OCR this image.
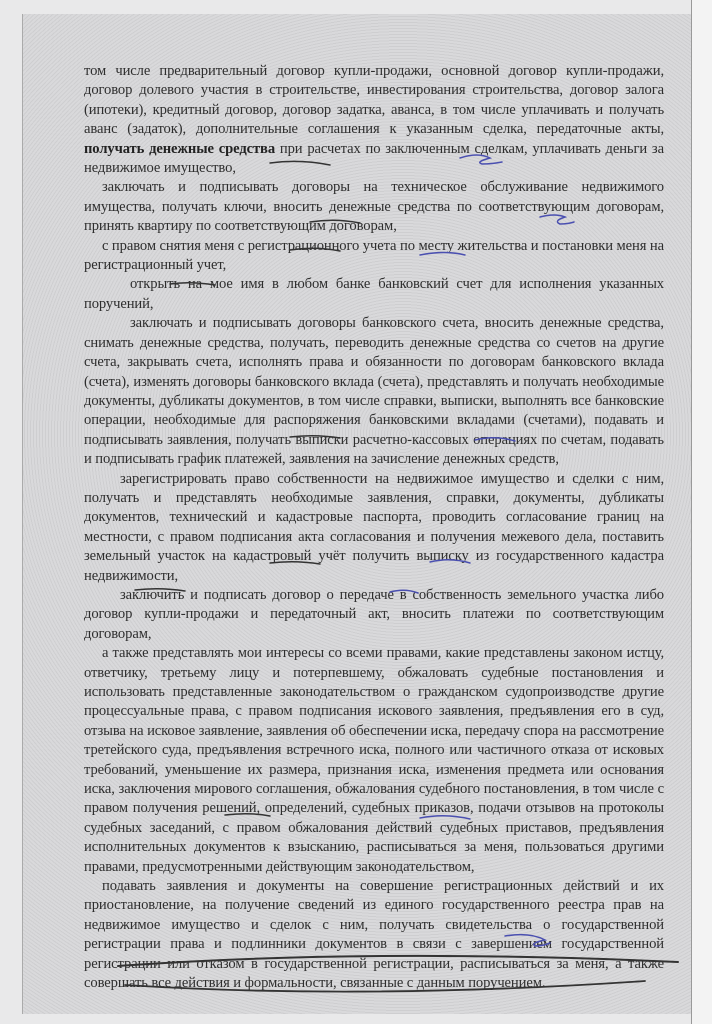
том числе предварительный договор купли-продажи, основной договор купли-продажи, договор долевого участия в строительстве, инвестирования строительства, договор залога (ипотеки), кредитный договор, договор задатка, аванса, в том числе уплачивать и получать аванс (задаток), дополнительные соглашения к указанным сделка, передаточные акты, получать денежные средства при расчетах по заключенным сделкам, уплачивать деньги за недвижимое имущество,

заключать и подписывать договоры на техническое обслуживание недвижимого имущества, получать ключи, вносить денежные средства по соответствующим договорам, принять квартиру по соответствующим договорам,

с правом снятия меня с регистрационного учета по месту жительства и постановки меня на регистрационный учет,

открыть на мое имя в любом банке банковский счет для исполнения указанных поручений,

заключать и подписывать договоры банковского счета, вносить денежные средства, снимать денежные средства, получать, переводить денежные средства со счетов на другие счета, закрывать счета, исполнять права и обязанности по договорам банковского вклада (счета), изменять договоры банковского вклада (счета), представлять и получать необходимые документы, дубликаты документов, в том числе справки, выписки, выполнять все банковские операции, необходимые для распоряжения банковскими вкладами (счетами), подавать и подписывать заявления, получать выписки расчетно-кассовых операциях по счетам, подавать и подписывать график платежей, заявления на зачисление денежных средств,

зарегистрировать право собственности на недвижимое имущество и сделки с ним, получать и представлять необходимые заявления, справки, документы, дубликаты документов, технический и кадастровые паспорта, проводить согласование границ на местности, с правом подписания акта согласования и получения межевого дела, поставить земельный участок на кадастровый учёт получить выписку из государственного кадастра недвижимости,

заключить и подписать договор о передаче в собственность земельного участка либо договор купли-продажи и передаточный акт, вносить платежи по соответствующим договорам,

а также представлять мои интересы со всеми правами, какие представлены законом истцу, ответчику, третьему лицу и потерпевшему, обжаловать судебные постановления и использовать представленные законодательством о гражданском судопроизводстве другие процессуальные права, с правом подписания искового заявления, предъявления его в суд, отзыва на исковое заявление, заявления об обеспечении иска, передачу спора на рассмотрение третейского суда, предъявления встречного иска, полного или частичного отказа от исковых требований, уменьшение их размера, признания иска, изменения предмета или основания иска, заключения мирового соглашения, обжалования судебного постановления, в том числе с правом получения решений, определений, судебных приказов, подачи отзывов на протоколы судебных заседаний, с правом обжалования действий судебных приставов, предъявления исполнительных документов к взысканию, расписываться за меня, пользоваться другими правами, предусмотренными действующим законодательством,

подавать заявления и документы на совершение регистрационных действий и их приостановление, на получение сведений из единого государственного реестра прав на недвижимое имущество и сделок с ним, получать свидетельства о государственной регистрации права и подлинники документов в связи с завершением государственной регистрации или отказом в государственной регистрации, расписываться за меня, а также совершать все действия и формальности, связанные с данным поручением.
